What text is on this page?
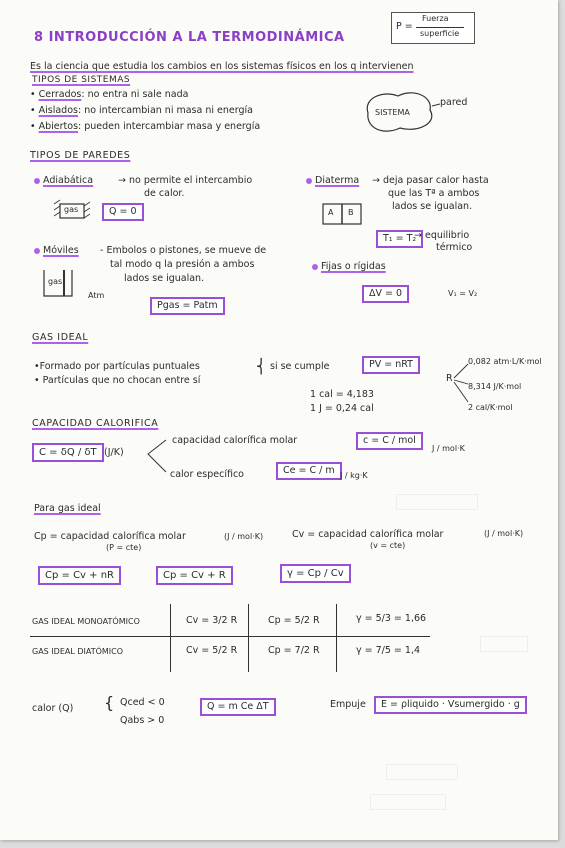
8 INTRODUCCIÓN A LA TERMODINÁMICA
P =
Fuerza
superficie
Es la ciencia que estudia los cambios en los sistemas físicos en los q intervienen
TIPOS DE SISTEMAS
• Cerrados: no entra ni sale nada
• Aislados: no intercambian ni masa ni energía
• Abiertos: pueden intercambiar masa y energía
SISTEMA
pared
TIPOS DE PAREDES
Adiabática	→ no permite el intercambio
de calor.
gas	Q = 0
Diaterma → deja pasar calor hasta
que las Tª a ambos
lados se igualan.
A B
T₁ = T₂
→ equilibrio
térmico
Móviles - Embolos o pistones, se mueve de
tal modo q la presión a ambos
lados se igualan.
gas
Atm
Pgas = Patm
Fijas o rígidas
ΔV = 0	V₁ = V₂
GAS IDEAL
•Formado por partículas puntuales
• Partículas que no chocan entre sí
⎨ si se cumple	PV = nRT
R
0,082 atm·L/K·mol
8,314 J/K·mol
2 cal/K·mol
1 cal = 4,183
1 J = 0,24 cal
CAPACIDAD CALORIFICA
C = δQ / δT (J/K)
capacidad calorífica molar	c = C / mol
J / mol·K
calor específico	Ce = C / m J / kg·K
Para gas ideal
Cp = capacidad calorífica molar	(J / mol·K)
(P = cte)
Cv = capacidad calorífica molar	(J / mol·K)
(v = cte)
Cp = Cv + nR	Cp = Cv + R	γ = Cp / Cv
GAS IDEAL MONOATÓMICO	Cv = 3/2 R	Cp = 5/2 R	γ = 5/3 = 1,66
GAS IDEAL DIATÓMICO	Cv = 5/2 R	Cp = 7/2 R	γ = 7/5 = 1,4
calor (Q) { Qced < 0
Qabs > 0
Q = m Ce ΔT	Empuje	E = ρliquido · Vsumergido · g
